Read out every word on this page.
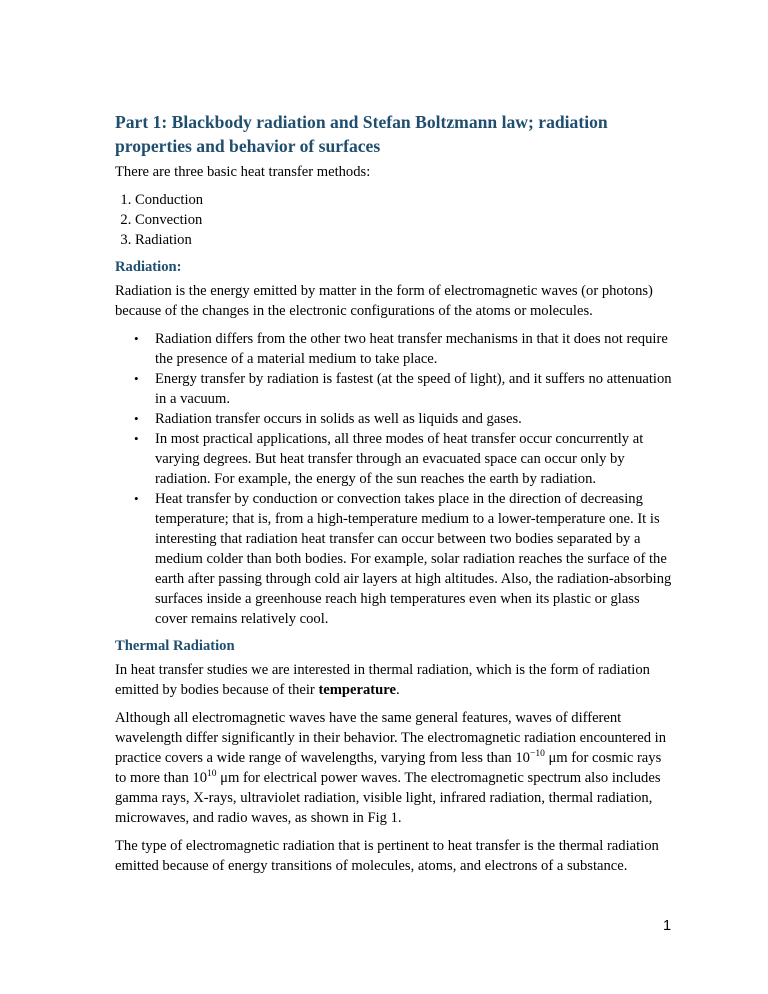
Part 1: Blackbody radiation and Stefan Boltzmann law; radiation properties and behavior of surfaces

There are three basic heat transfer methods:

1. Conduction
2. Convection
3. Radiation
Radiation:

Radiation is the energy emitted by matter in the form of electromagnetic waves (or photons) because of the changes in the electronic configurations of the atoms or molecules.

• Radiation differs from the other two heat transfer mechanisms in that it does not require the presence of a material medium to take place.
• Energy transfer by radiation is fastest (at the speed of light), and it suffers no attenuation in a vacuum.
• Radiation transfer occurs in solids as well as liquids and gases.
• In most practical applications, all three modes of heat transfer occur concurrently at varying degrees. But heat transfer through an evacuated space can occur only by radiation. For example, the energy of the sun reaches the earth by radiation.
• Heat transfer by conduction or convection takes place in the direction of decreasing temperature; that is, from a high-temperature medium to a lower-temperature one. It is interesting that radiation heat transfer can occur between two bodies separated by a medium colder than both bodies. For example, solar radiation reaches the surface of the earth after passing through cold air layers at high altitudes. Also, the radiation-absorbing surfaces inside a greenhouse reach high temperatures even when its plastic or glass cover remains relatively cool.
Thermal Radiation

In heat transfer studies we are interested in thermal radiation, which is the form of radiation emitted by bodies because of their temperature.

Although all electromagnetic waves have the same general features, waves of different wavelength differ significantly in their behavior. The electromagnetic radiation encountered in practice covers a wide range of wavelengths, varying from less than $10^{-10}$ μm for cosmic rays to more than $10^{10}$ μm for electrical power waves. The electromagnetic spectrum also includes gamma rays, X-rays, ultraviolet radiation, visible light, infrared radiation, thermal radiation, microwaves, and radio waves, as shown in Fig 1.

The type of electromagnetic radiation that is pertinent to heat transfer is the thermal radiation emitted because of energy transitions of molecules, atoms, and electrons of a substance.

1
